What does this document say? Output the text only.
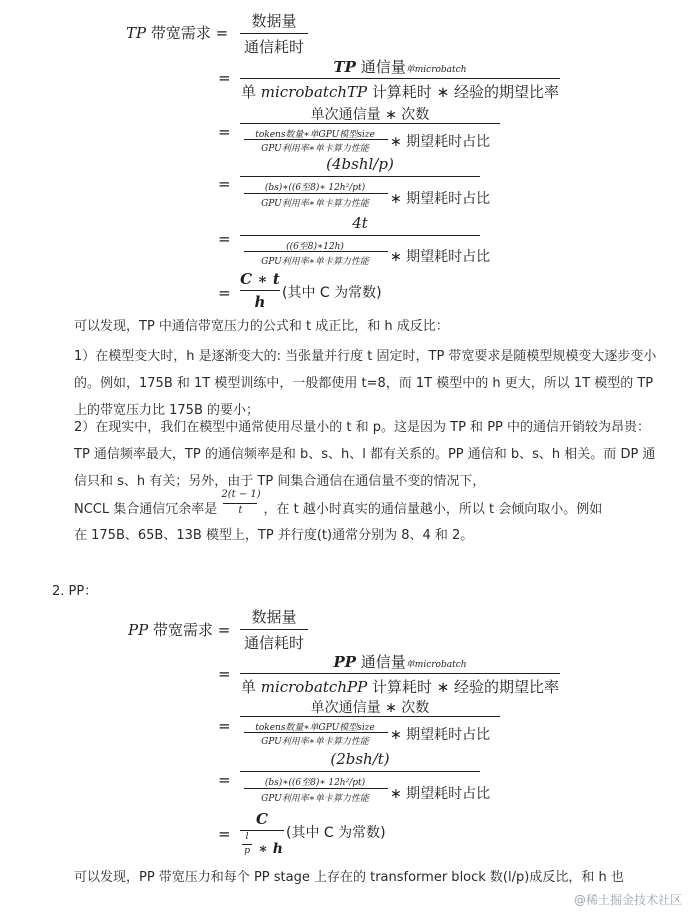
TP 带宽需求 =
数据量
通信耗时
=
TP 通信量单microbatch
单 microbatchTP 计算耗时 ∗ 经验的期望比率
=
单次通信量 ∗ 次数
tokens数量∗单GPU模型size
GPU利用率∗单卡算力性能	∗ 期望耗时占比
=
(4bshl/p)
(bs)∗((6至8)∗ 12h²/pt)
GPU利用率∗单卡算力性能	∗ 期望耗时占比
=
4t
((6至8)∗12h)
GPU利用率∗单卡算力性能	∗ 期望耗时占比
=
C ∗ t
h	(其中 C 为常数)
可以发现，TP 中通信带宽压力的公式和 t 成正比，和 h 成反比：
1）在模型变大时，h 是逐渐变大的: 当张量并行度 t 固定时，TP 带宽要求是随模型规模变大逐步变小的。例如，175B 和 1T 模型训练中，一般都使用 t=8，而 1T 模型中的 h 更大，所以 1T 模型的 TP 上的带宽压力比 175B 的要小；
2）在现实中，我们在模型中通常使用尽量小的 t 和 p。这是因为 TP 和 PP 中的通信开销较为昂贵：TP 通信频率最大，TP 的通信频率是和 b、s、h、l 都有关系的。PP 通信和 b、s、h 相关。而 DP 通信只和 s、h 有关；另外，由于 TP 间集合通信在通信量不变的情况下，
NCCL 集合通信冗余率是 $\frac{2(t - 1)}{t}$ ，在 t 越小时真实的通信量越小，所以 t 会倾向取小。例如
在 175B、65B、13B 模型上，TP 并行度(t)通常分别为 8、4 和 2。
2. PP：
PP 带宽需求 =
数据量
通信耗时
=
PP 通信量单microbatch
单 microbatchPP 计算耗时 ∗ 经验的期望比率
=
单次通信量 ∗ 次数
tokens数量∗单GPU模型size
GPU利用率∗单卡算力性能	∗ 期望耗时占比
=
(2bsh/t)
(bs)∗((6至8)∗ 12h²/pt)
GPU利用率∗单卡算力性能	∗ 期望耗时占比
=
C
$\frac{l}{p}$ ∗ h
(其中 C 为常数)
可以发现，PP 带宽压力和每个 PP stage 上存在的 transformer block 数(l/p)成反比，和 h 也
@稀土掘金技术社区
